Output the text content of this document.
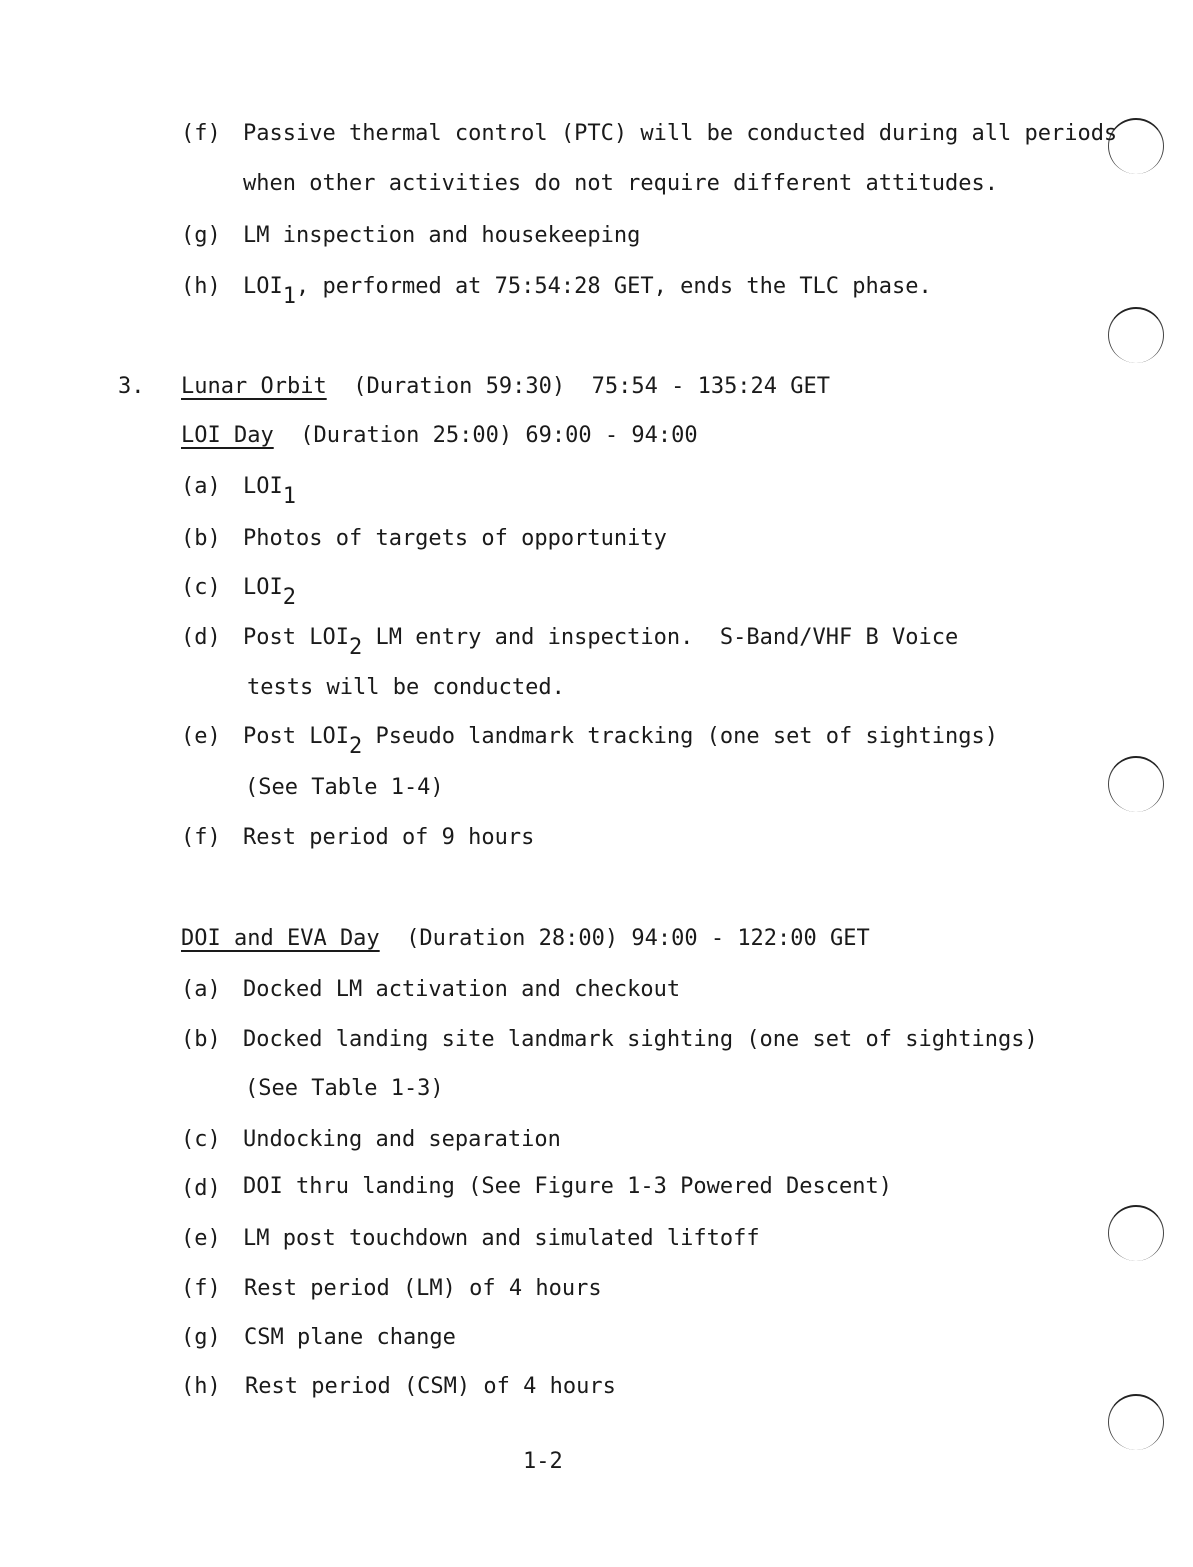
(f) Passive thermal control (PTC) will be conducted during all periods
when other activities do not require different attitudes.
(g) LM inspection and housekeeping
(h) LOI1, performed at 75:54:28 GET, ends the TLC phase.
3. Lunar Orbit (Duration 59:30)  75:54 - 135:24 GET
LOI Day (Duration 25:00) 69:00 - 94:00
(a) LOI1
(b) Photos of targets of opportunity
(c) LOI2
(d) Post LOI2 LM entry and inspection.  S-Band/VHF B Voice
tests will be conducted.
(e) Post LOI2 Pseudo landmark tracking (one set of sightings)
(See Table 1-4)
(f) Rest period of 9 hours
DOI and EVA Day (Duration 28:00) 94:00 - 122:00 GET
(a) Docked LM activation and checkout
(b) Docked landing site landmark sighting (one set of sightings)
(See Table 1-3)
(c) Undocking and separation
(d) DOI thru landing (See Figure 1-3 Powered Descent)
(e) LM post touchdown and simulated liftoff
(f) Rest period (LM) of 4 hours
(g) CSM plane change
(h) Rest period (CSM) of 4 hours
1-2
